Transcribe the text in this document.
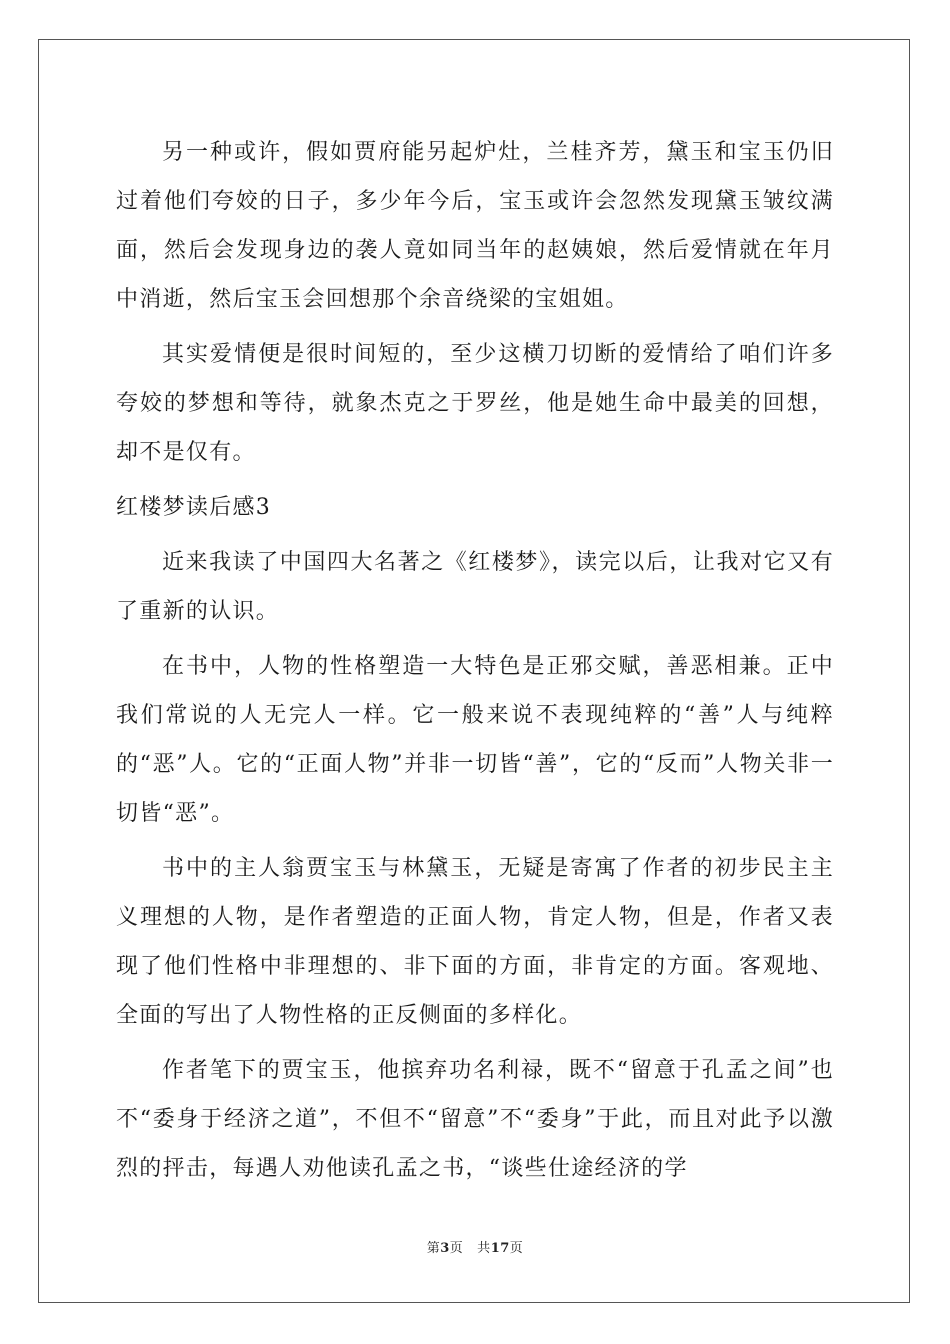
另一种或许，假如贾府能另起炉灶，兰桂齐芳，黛玉和宝玉仍旧过着他们夸姣的日子，多少年今后，宝玉或许会忽然发现黛玉皱纹满面，然后会发现身边的袭人竟如同当年的赵姨娘，然后爱情就在年月中消逝，然后宝玉会回想那个余音绕梁的宝姐姐。

其实爱情便是很时间短的，至少这横刀切断的爱情给了咱们许多夸姣的梦想和等待，就象杰克之于罗丝，他是她生命中最美的回想，却不是仅有。

红楼梦读后感3

近来我读了中国四大名著之《红楼梦》，读完以后，让我对它又有了重新的认识。

在书中，人物的性格塑造一大特色是正邪交赋，善恶相兼。正中我们常说的人无完人一样。它一般来说不表现纯粹的“善”人与纯粹的“恶”人。它的“正面人物”并非一切皆“善”，它的“反而”人物关非一切皆“恶”。

书中的主人翁贾宝玉与林黛玉，无疑是寄寓了作者的初步民主主义理想的人物，是作者塑造的正面人物，肯定人物，但是，作者又表现了他们性格中非理想的、非下面的方面，非肯定的方面。客观地、全面的写出了人物性格的正反侧面的多样化。

作者笔下的贾宝玉，他摈弃功名利禄，既不“留意于孔孟之间”也不“委身于经济之道”，不但不“留意”不“委身”于此，而且对此予以激烈的抨击，每遇人劝他读孔孟之书，“谈些仕途经济的学

第3页 共17页
